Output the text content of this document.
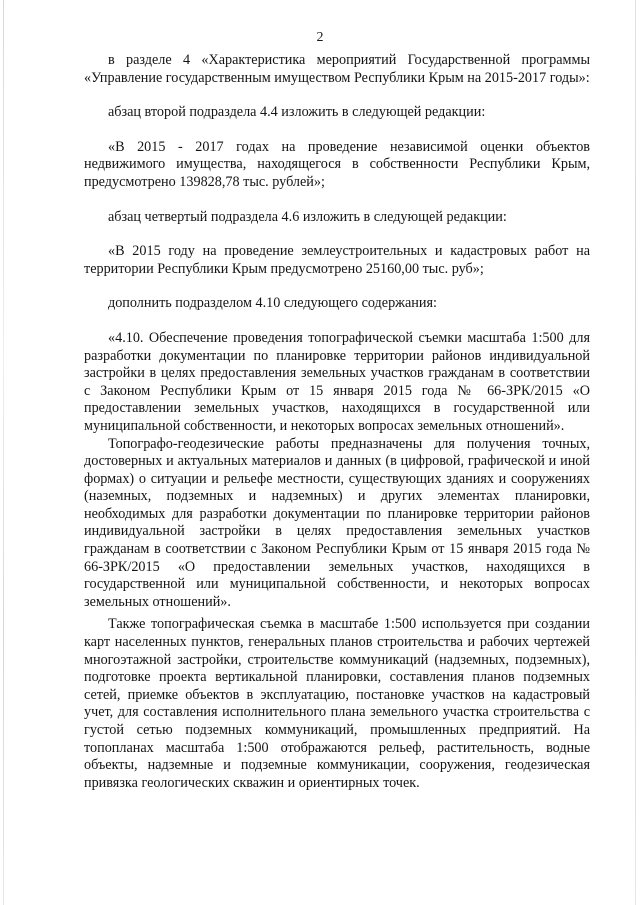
2

в разделе 4 «Характеристика мероприятий Государственной программы «Управление государственным имуществом Республики Крым на 2015-2017 годы»:

абзац второй подраздела 4.4 изложить в следующей редакции:

«В 2015 - 2017 годах на проведение независимой оценки объектов недвижимого имущества, находящегося в собственности Республики Крым, предусмотрено 139828,78 тыс. рублей»;

абзац четвертый подраздела 4.6 изложить в следующей редакции:

«В 2015 году на проведение землеустроительных и кадастровых работ на территории Республики Крым предусмотрено 25160,00 тыс. руб»;

дополнить подразделом 4.10 следующего содержания:

«4.10. Обеспечение проведения топографической съемки масштаба 1:500 для разработки документации по планировке территории районов индивидуальной застройки в целях предоставления земельных участков гражданам в соответствии с Законом Республики Крым от 15 января 2015 года № 66-ЗРК/2015 «О предоставлении земельных участков, находящихся в государственной или муниципальной собственности, и некоторых вопросах земельных отношений».

Топографо-геодезические работы предназначены для получения точных, достоверных и актуальных материалов и данных (в цифровой, графической и иной формах) о ситуации и рельефе местности, существующих зданиях и сооружениях (наземных, подземных и надземных) и других элементах планировки, необходимых для разработки документации по планировке территории районов индивидуальной застройки в целях предоставления земельных участков гражданам в соответствии с Законом Республики Крым от 15 января 2015 года № 66-ЗРК/2015 «О предоставлении земельных участков, находящихся в государственной или муниципальной собственности, и некоторых вопросах земельных отношений».

Также топографическая съемка в масштабе 1:500 используется при создании карт населенных пунктов, генеральных планов строительства и рабочих чертежей многоэтажной застройки, строительстве коммуникаций (надземных, подземных), подготовке проекта вертикальной планировки, составления планов подземных сетей, приемке объектов в эксплуатацию, постановке участков на кадастровый учет, для составления исполнительного плана земельного участка строительства с густой сетью подземных коммуникаций, промышленных предприятий. На топопланах масштаба 1:500 отображаются рельеф, растительность, водные объекты, надземные и подземные коммуникации, сооружения, геодезическая привязка геологических скважин и ориентирных точек.
